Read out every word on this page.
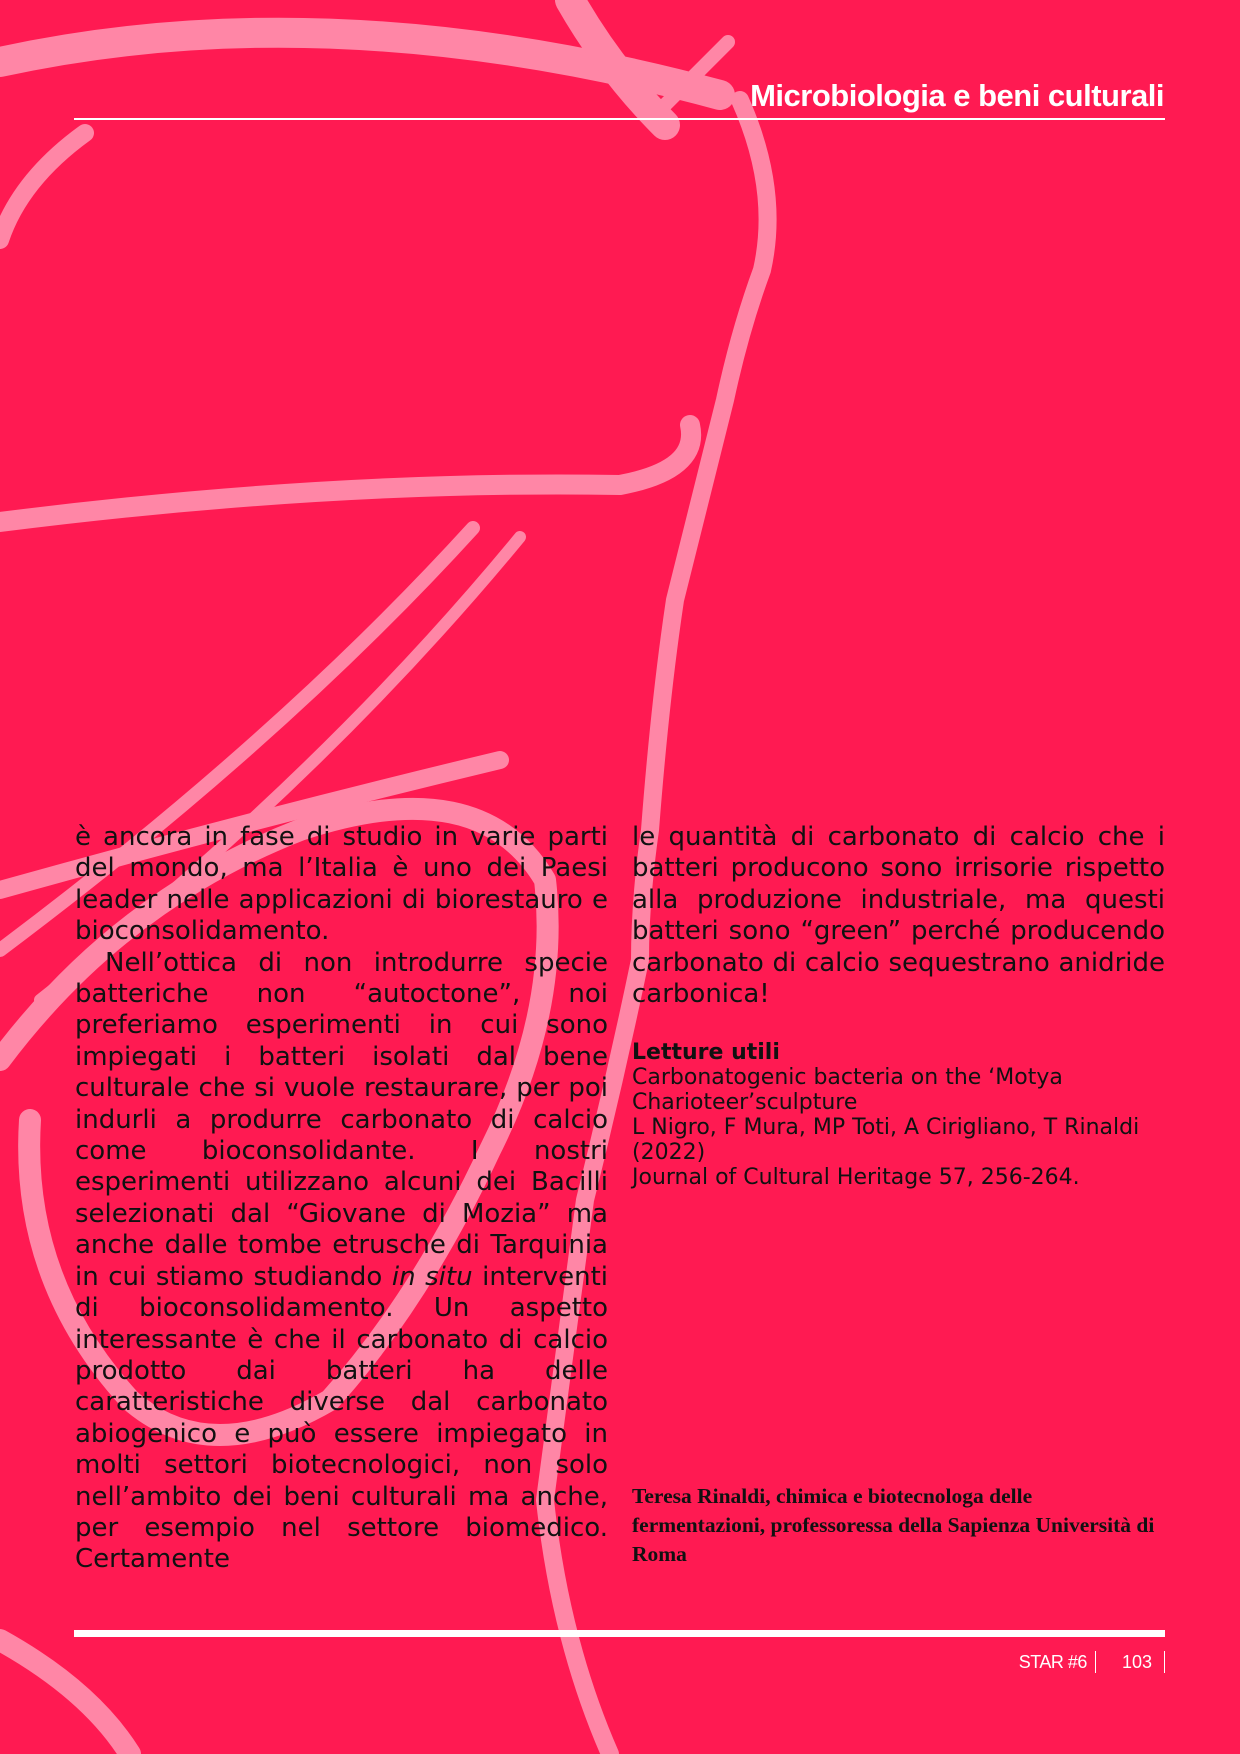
Microbiologia e beni culturali

è ancora in fase di studio in varie parti del mondo, ma l’Italia è uno dei Paesi leader nelle applicazioni di biorestauro e bioconsolidamento.

Nell’ottica di non introdurre specie batteriche non “autoctone”, noi preferiamo esperimenti in cui sono impiegati i batteri isolati dal bene culturale che si vuole restaurare, per poi indurli a produrre carbonato di calcio come bioconsolidante. I nostri esperimenti utilizzano alcuni dei Bacilli selezionati dal “Giovane di Mozia” ma anche dalle tombe etrusche di Tarquinia in cui stiamo studiando in situ interventi di bioconsolidamento. Un aspetto interessante è che il carbonato di calcio prodotto dai batteri ha delle caratteristiche diverse dal carbonato abiogenico e può essere impiegato in molti settori biotecnologici, non solo nell’ambito dei beni culturali ma anche, per esempio nel settore biomedico. Certamente

le quantità di carbonato di calcio che i batteri producono sono irrisorie rispetto alla produzione industriale, ma questi batteri sono “green” perché producendo carbonato di calcio sequestrano anidride carbonica!

Letture utili
Carbonatogenic bacteria on the ‘Motya Charioteer’sculpture
L Nigro, F Mura, MP Toti, A Cirigliano, T Rinaldi (2022)
Journal of Cultural Heritage 57, 256-264.
Teresa Rinaldi, chimica e biotecnologa delle fermentazioni, professoressa della Sapienza Università di Roma
STAR #6 103
